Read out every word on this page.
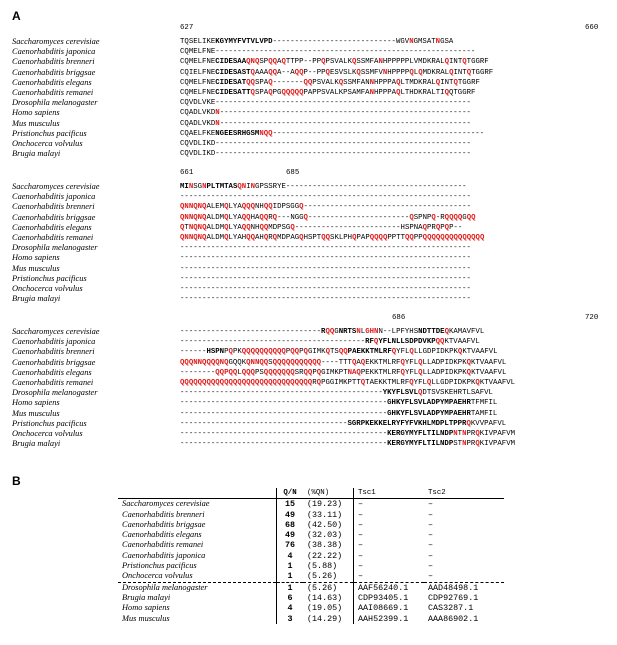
A
627	660
Saccharomyces cerevisiae	TQSELIKEKGYMYFVTVLVPD----------------------------WGVNGMSATNGSA
Caenorhabditis japonica	CQMELFNE-----------------------------------------------------------
Caenorhabditis brenneri	CQMELFNECIDESAAQNQSPQQAQTTPP--PPQPSVALKQSSMFANHPPPPPLVMDKRALQINTQTGGRF
Caenorhabditis briggsae	CQIELFNECIDESASTQAAAQQA--AQQP--PPQESVSLKQSSMFVNHPPPPQLQMDKRALQINTQTGGRF
Caenorhabditis elegans	CQMELFNECIDESATQQSPAQ-------QQPSVALKQSSMFANNHPPPAQLTMDKRALQINTQTGGRF
Caenorhabditis remanei	CQMELFNECIDESATTQSPAQPGQQQQQPAPPSVALKPSAMFANHPPPAQLTHDKRALTIQQTGGRF
Drosophila melanogaster	CQVDLVKE----------------------------------------------------------
Homo sapiens	CQADLVKDN---------------------------------------------------------
Mus musculus	CQADLVKDN---------------------------------------------------------
Pristionchus pacificus	CQAELFKENGEESRHGSMNQQ------------------------------------------------
Onchocerca volvulus	CQVDLIKD----------------------------------------------------------
Brugia malayi	CQVDLIKD----------------------------------------------------------
661	685
Saccharomyces cerevisiae	MINSGNPLTMTASQNINGPSSRYE-----------------------------------------
Caenorhabditis japonica	------------------------------------------------------------------
Caenorhabditis brenneri	QNNQNQALEMQLYAQQQNHQQIDPSGGQ--------------------------------------
Caenorhabditis briggsae	QNNQNQALDMQLYAQQHAQQRQ---NGGQ-----------------------QSPNPQ-RQQQQGQQ
Caenorhabditis elegans	QTNQNQALDMQLYAQQNHQQMDPSGQ------------------------HSPNAQPRQPQP--
Caenorhabditis remanei	QNNQNQALDMQLYAHQQAHQRQMDPAGQHSPTQQSKLPHQPAPQQQQPPTTQQPPQQQQQQQQQQQQQQ
Drosophila melanogaster	------------------------------------------------------------------
Homo sapiens	------------------------------------------------------------------
Mus musculus	------------------------------------------------------------------
Pristionchus pacificus	------------------------------------------------------------------
Onchocerca volvulus	------------------------------------------------------------------
Brugia malayi	------------------------------------------------------------------
686	720
Saccharomyces cerevisiae	--------------------------------RQQGNRTSNLGHNN--LPFYHSNDTTDEQKAMAVFVL
Caenorhabditis japonica	------------------------------------------RFQYFLNLLSDPDVKPQQKTVAAFVL
Caenorhabditis brenneri	------HSPNPQPKQQQQQQQQQQPQQPQGIMKQTSQQPAEKKTMLRFQYFLQLLGDPIDKPKQKTVAAFVL
Caenorhabditis briggsae	QQQNNQQQQNQGQQKQNNQQSQQQQQQQQQQQ----TTTQAQEKKTMLRFQYFLQLLADPIDKPKQKTVAAFVL
Caenorhabditis elegans	--------QQPQQLQQQPSQQQQQQQSRQQPQGIMKPTNAQPEKKTMLRFQYFLQLLADPIDKPKQKTVAAFVL
Caenorhabditis remanei	QQQQQQQQQQQQQQQQQQQQQQQQQQQQQQRQPGGIMKPTTQTAEKKTMLRFQYFLQLLGDPIDKPKQKTVAAFVL
Drosophila melanogaster	----------------------------------------------YKYFLSVLQDTSVSKEHRTLSAFVL
Homo sapiens	-----------------------------------------------GHKYFLSVLADPYMPAEHRTFMFIL
Mus musculus	-----------------------------------------------GHKYFLSVLADPYMPAEHRTAMFIL
Pristionchus pacificus	--------------------------------------SGRPKEKKELRYFYFVKHLMDPLTPPRQKVVPAFVL
Onchocerca volvulus	-----------------------------------------------KERGYMYFLTILNDPNTNPRQKIVPAFVM
Brugia malayi	-----------------------------------------------KERGYMYFLTILNDPSTNPRQKIVPAFVM
B
	Q/N	(%QN)	Tsc1	Tsc2
Saccharomyces cerevisiae	15	(19.23)	–	–
Caenorhabditis brenneri	49	(33.11)	–	–
Caenorhabditis briggsae	68	(42.50)	–	–
Caenorhabditis elegans	49	(32.03)	–	–
Caenorhabditis remanei	76	(38.38)	–	–
Caenorhabditis japonica	4	(22.22)	–	–
Pristionchus pacificus	1	(5.88)	–	–
Onchocerca volvulus	1	(5.26)	–	–
Drosophila melanogaster	1	(5.26)	AAF56240.1	AAD48498.1
Brugia malayi	6	(14.63)	CDP93405.1	CDP92769.1
Homo sapiens	4	(19.05)	AAI08669.1	CAS3287.1
Mus musculus	3	(14.29)	AAH52399.1	AAA86902.1
